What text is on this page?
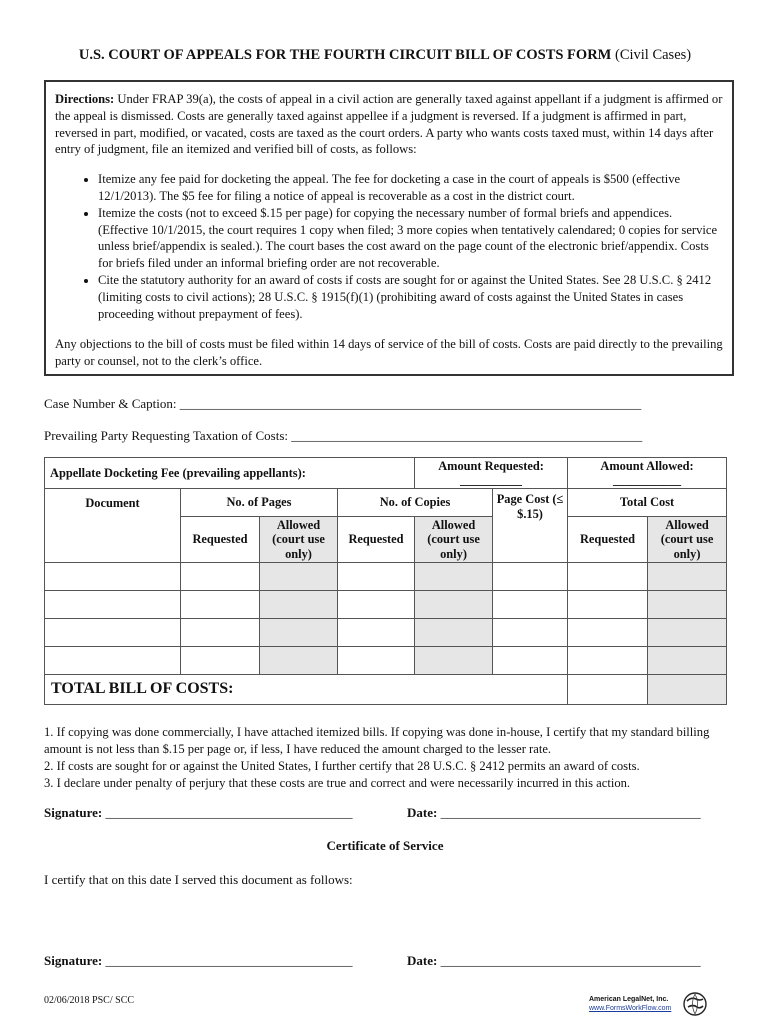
U.S. COURT OF APPEALS FOR THE FOURTH CIRCUIT BILL OF COSTS FORM (Civil Cases)

Directions: Under FRAP 39(a), the costs of appeal in a civil action are generally taxed against appellant if a judgment is affirmed or the appeal is dismissed. Costs are generally taxed against appellee if a judgment is reversed. If a judgment is affirmed in part, reversed in part, modified, or vacated, costs are taxed as the court orders. A party who wants costs taxed must, within 14 days after entry of judgment, file an itemized and verified bill of costs, as follows:

• Itemize any fee paid for docketing the appeal. The fee for docketing a case in the court of appeals is $500 (effective 12/1/2013). The $5 fee for filing a notice of appeal is recoverable as a cost in the district court.
• Itemize the costs (not to exceed $.15 per page) for copying the necessary number of formal briefs and appendices. (Effective 10/1/2015, the court requires 1 copy when filed; 3 more copies when tentatively calendared; 0 copies for service unless brief/appendix is sealed.). The court bases the cost award on the page count of the electronic brief/appendix. Costs for briefs filed under an informal briefing order are not recoverable.
• Cite the statutory authority for an award of costs if costs are sought for or against the United States. See 28 U.S.C. § 2412 (limiting costs to civil actions); 28 U.S.C. § 1915(f)(1) (prohibiting award of costs against the United States in cases proceeding without prepayment of fees).

Any objections to the bill of costs must be filed within 14 days of service of the bill of costs. Costs are paid directly to the prevailing party or counsel, not to the clerk’s office.

Case Number & Caption: _______________________________________________________________________
Prevailing Party Requesting Taxation of Costs: ______________________________________________________
Appellate Docketing Fee (prevailing appellants):				Amount Requested: __________		Amount Allowed: ___________	
Document	No. of Pages		No. of Copies		Page Cost (≤ $.15)	Total Cost	
	Requested	Allowed (court use only)	Requested	Allowed (court use only)		Requested	Allowed (court use only)

TOTAL BILL OF COSTS:							
1. If copying was done commercially, I have attached itemized bills. If copying was done in-house, I certify that my standard billing amount is not less than $.15 per page or, if less, I have reduced the amount charged to the lesser rate.
2. If costs are sought for or against the United States, I further certify that 28 U.S.C. § 2412 permits an award of costs.
3. I declare under penalty of perjury that these costs are true and correct and were necessarily incurred in this action.
Signature: ______________________________________	Date: ________________________________________
Certificate of Service
I certify that on this date I served this document as follows:
Signature: ______________________________________	Date: ________________________________________
02/06/2018 PSC/ SCC	American LegalNet, Inc.
www.FormsWorkFlow.com
